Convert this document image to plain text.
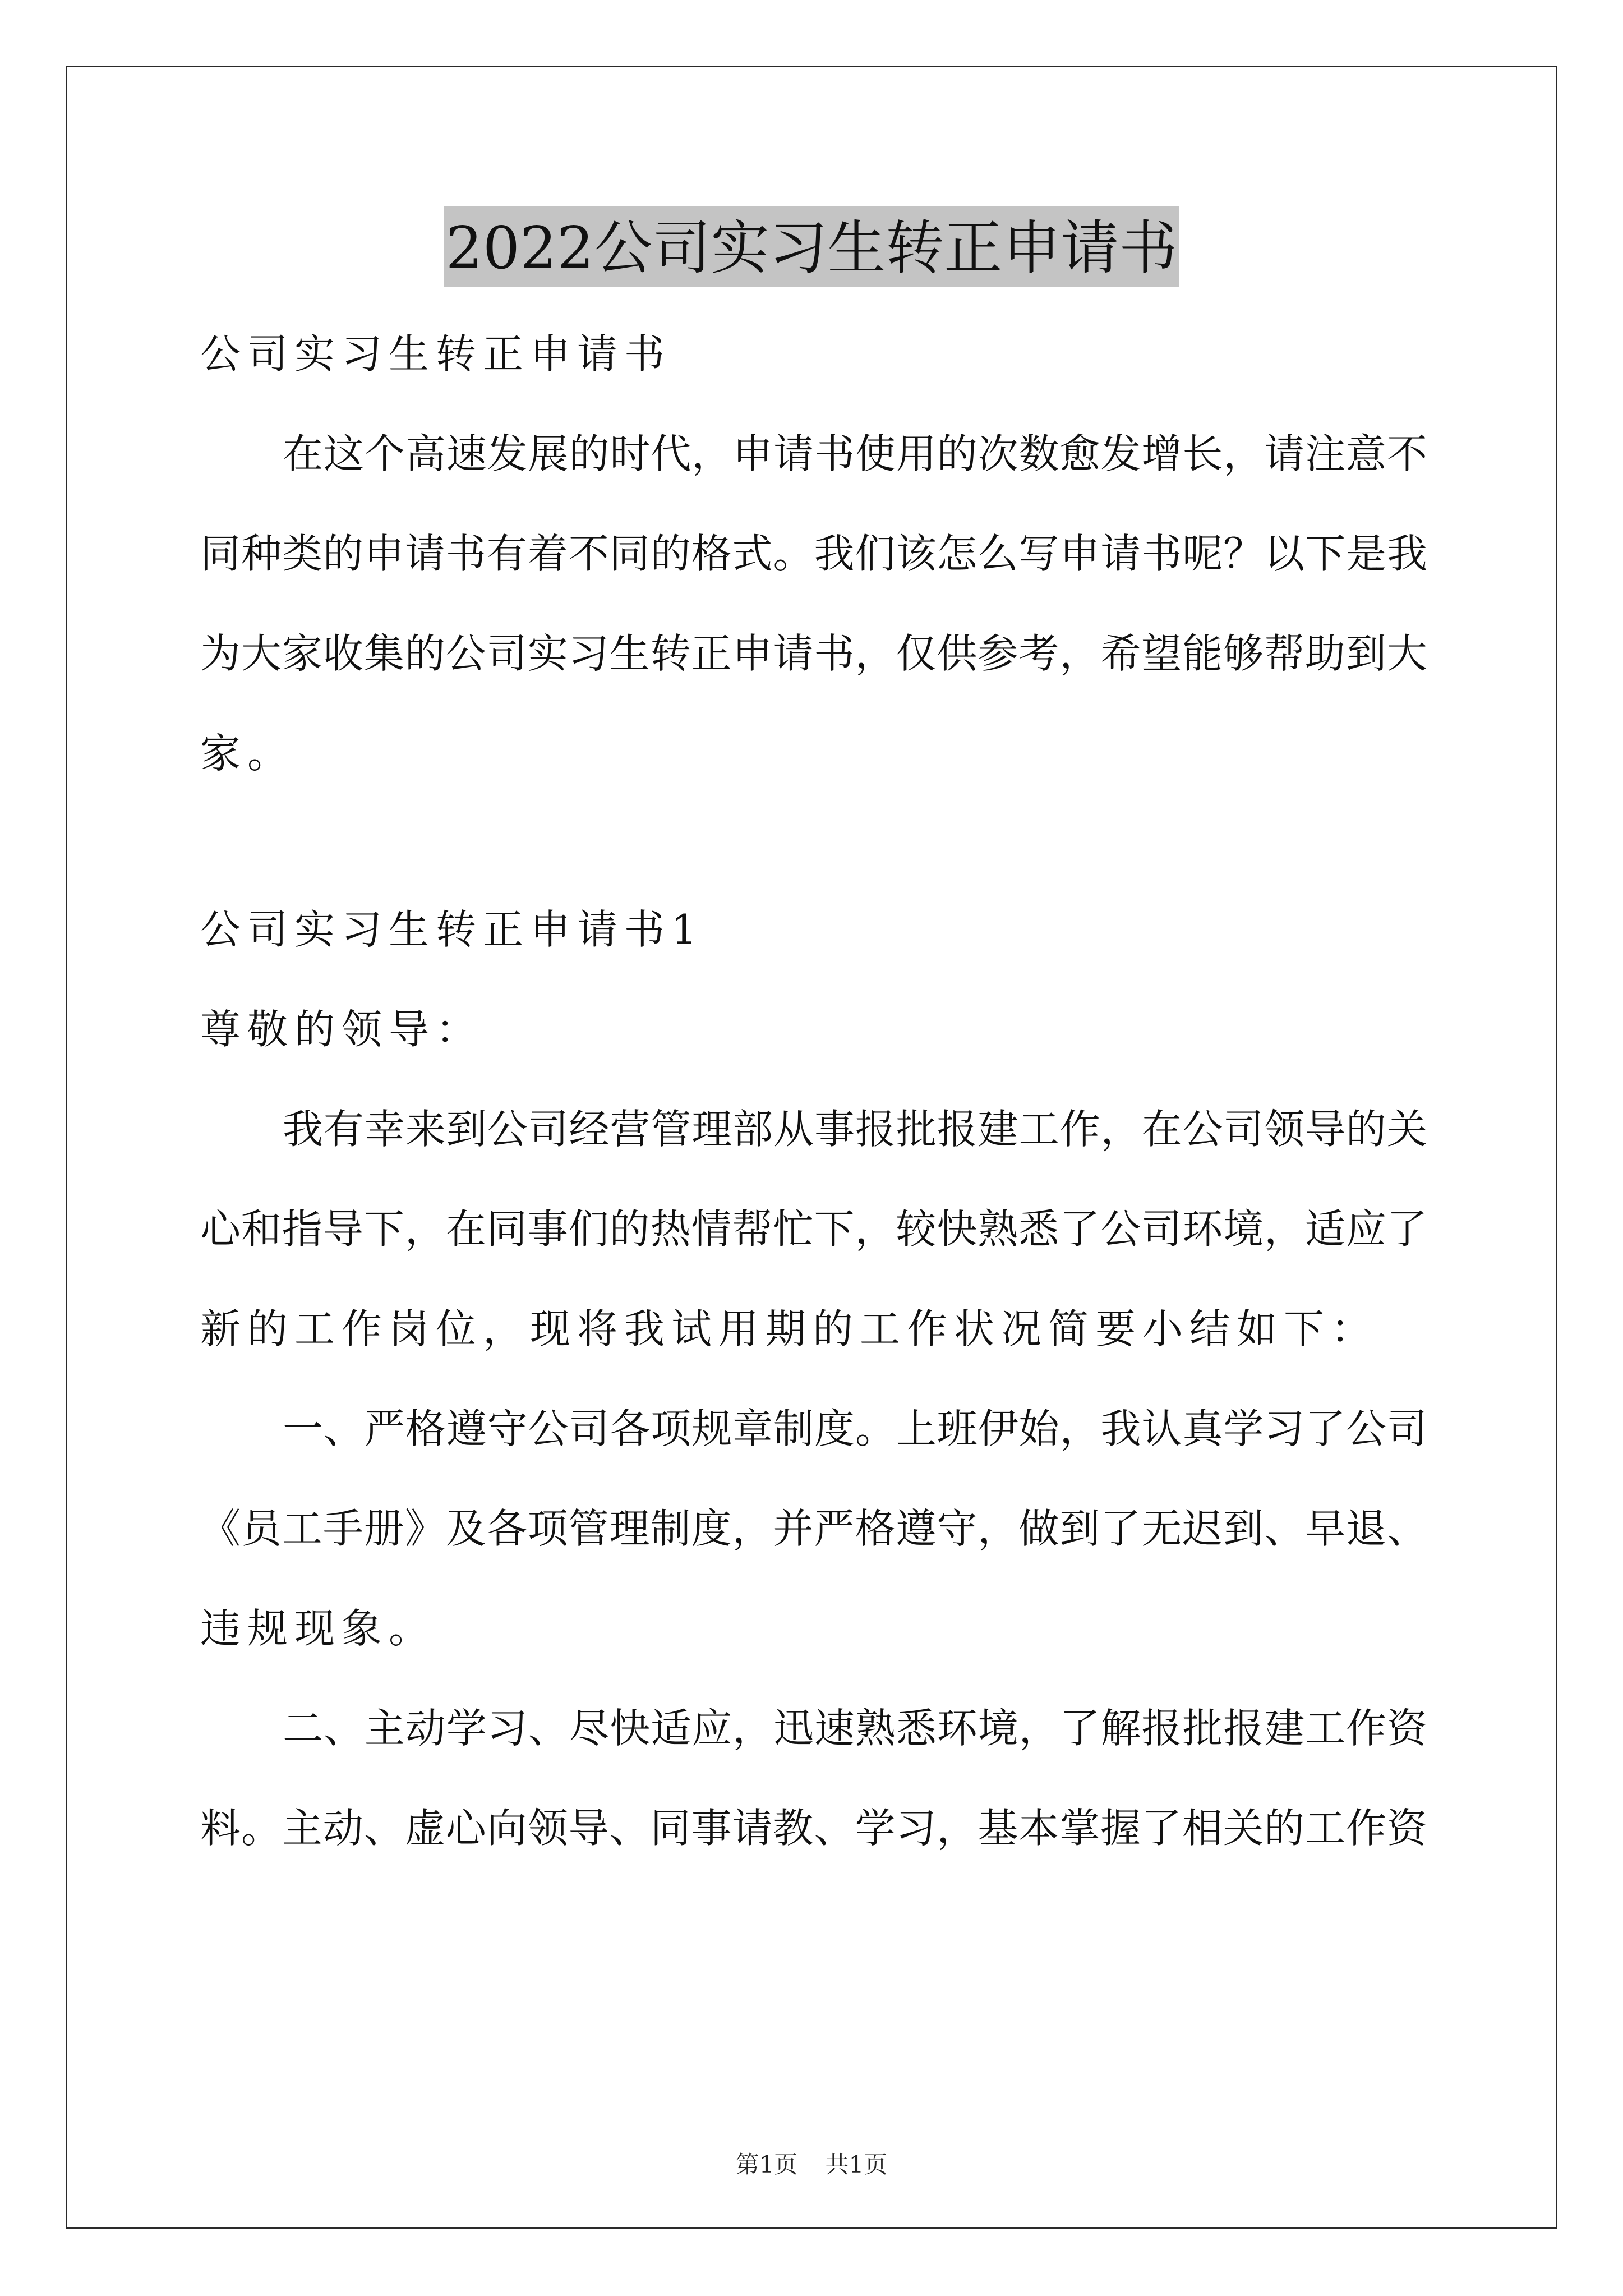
2022公司实习生转正申请书
公司实习生转正申请书
在这个高速发展的时代，申请书使用的次数愈发增长，请注意不
同种类的申请书有着不同的格式。我们该怎么写申请书呢？以下是我
为大家收集的公司实习生转正申请书，仅供参考，希望能够帮助到大
家。
公司实习生转正申请书1
尊敬的领导：
我有幸来到公司经营管理部从事报批报建工作，在公司领导的关
心和指导下，在同事们的热情帮忙下，较快熟悉了公司环境，适应了
新的工作岗位，现将我试用期的工作状况简要小结如下：
一、严格遵守公司各项规章制度。上班伊始，我认真学习了公司
《员工手册》及各项管理制度，并严格遵守，做到了无迟到、早退、
违规现象。
二、主动学习、尽快适应，迅速熟悉环境，了解报批报建工作资
料。主动、虚心向领导、同事请教、学习，基本掌握了相关的工作资
第1页 共1页
